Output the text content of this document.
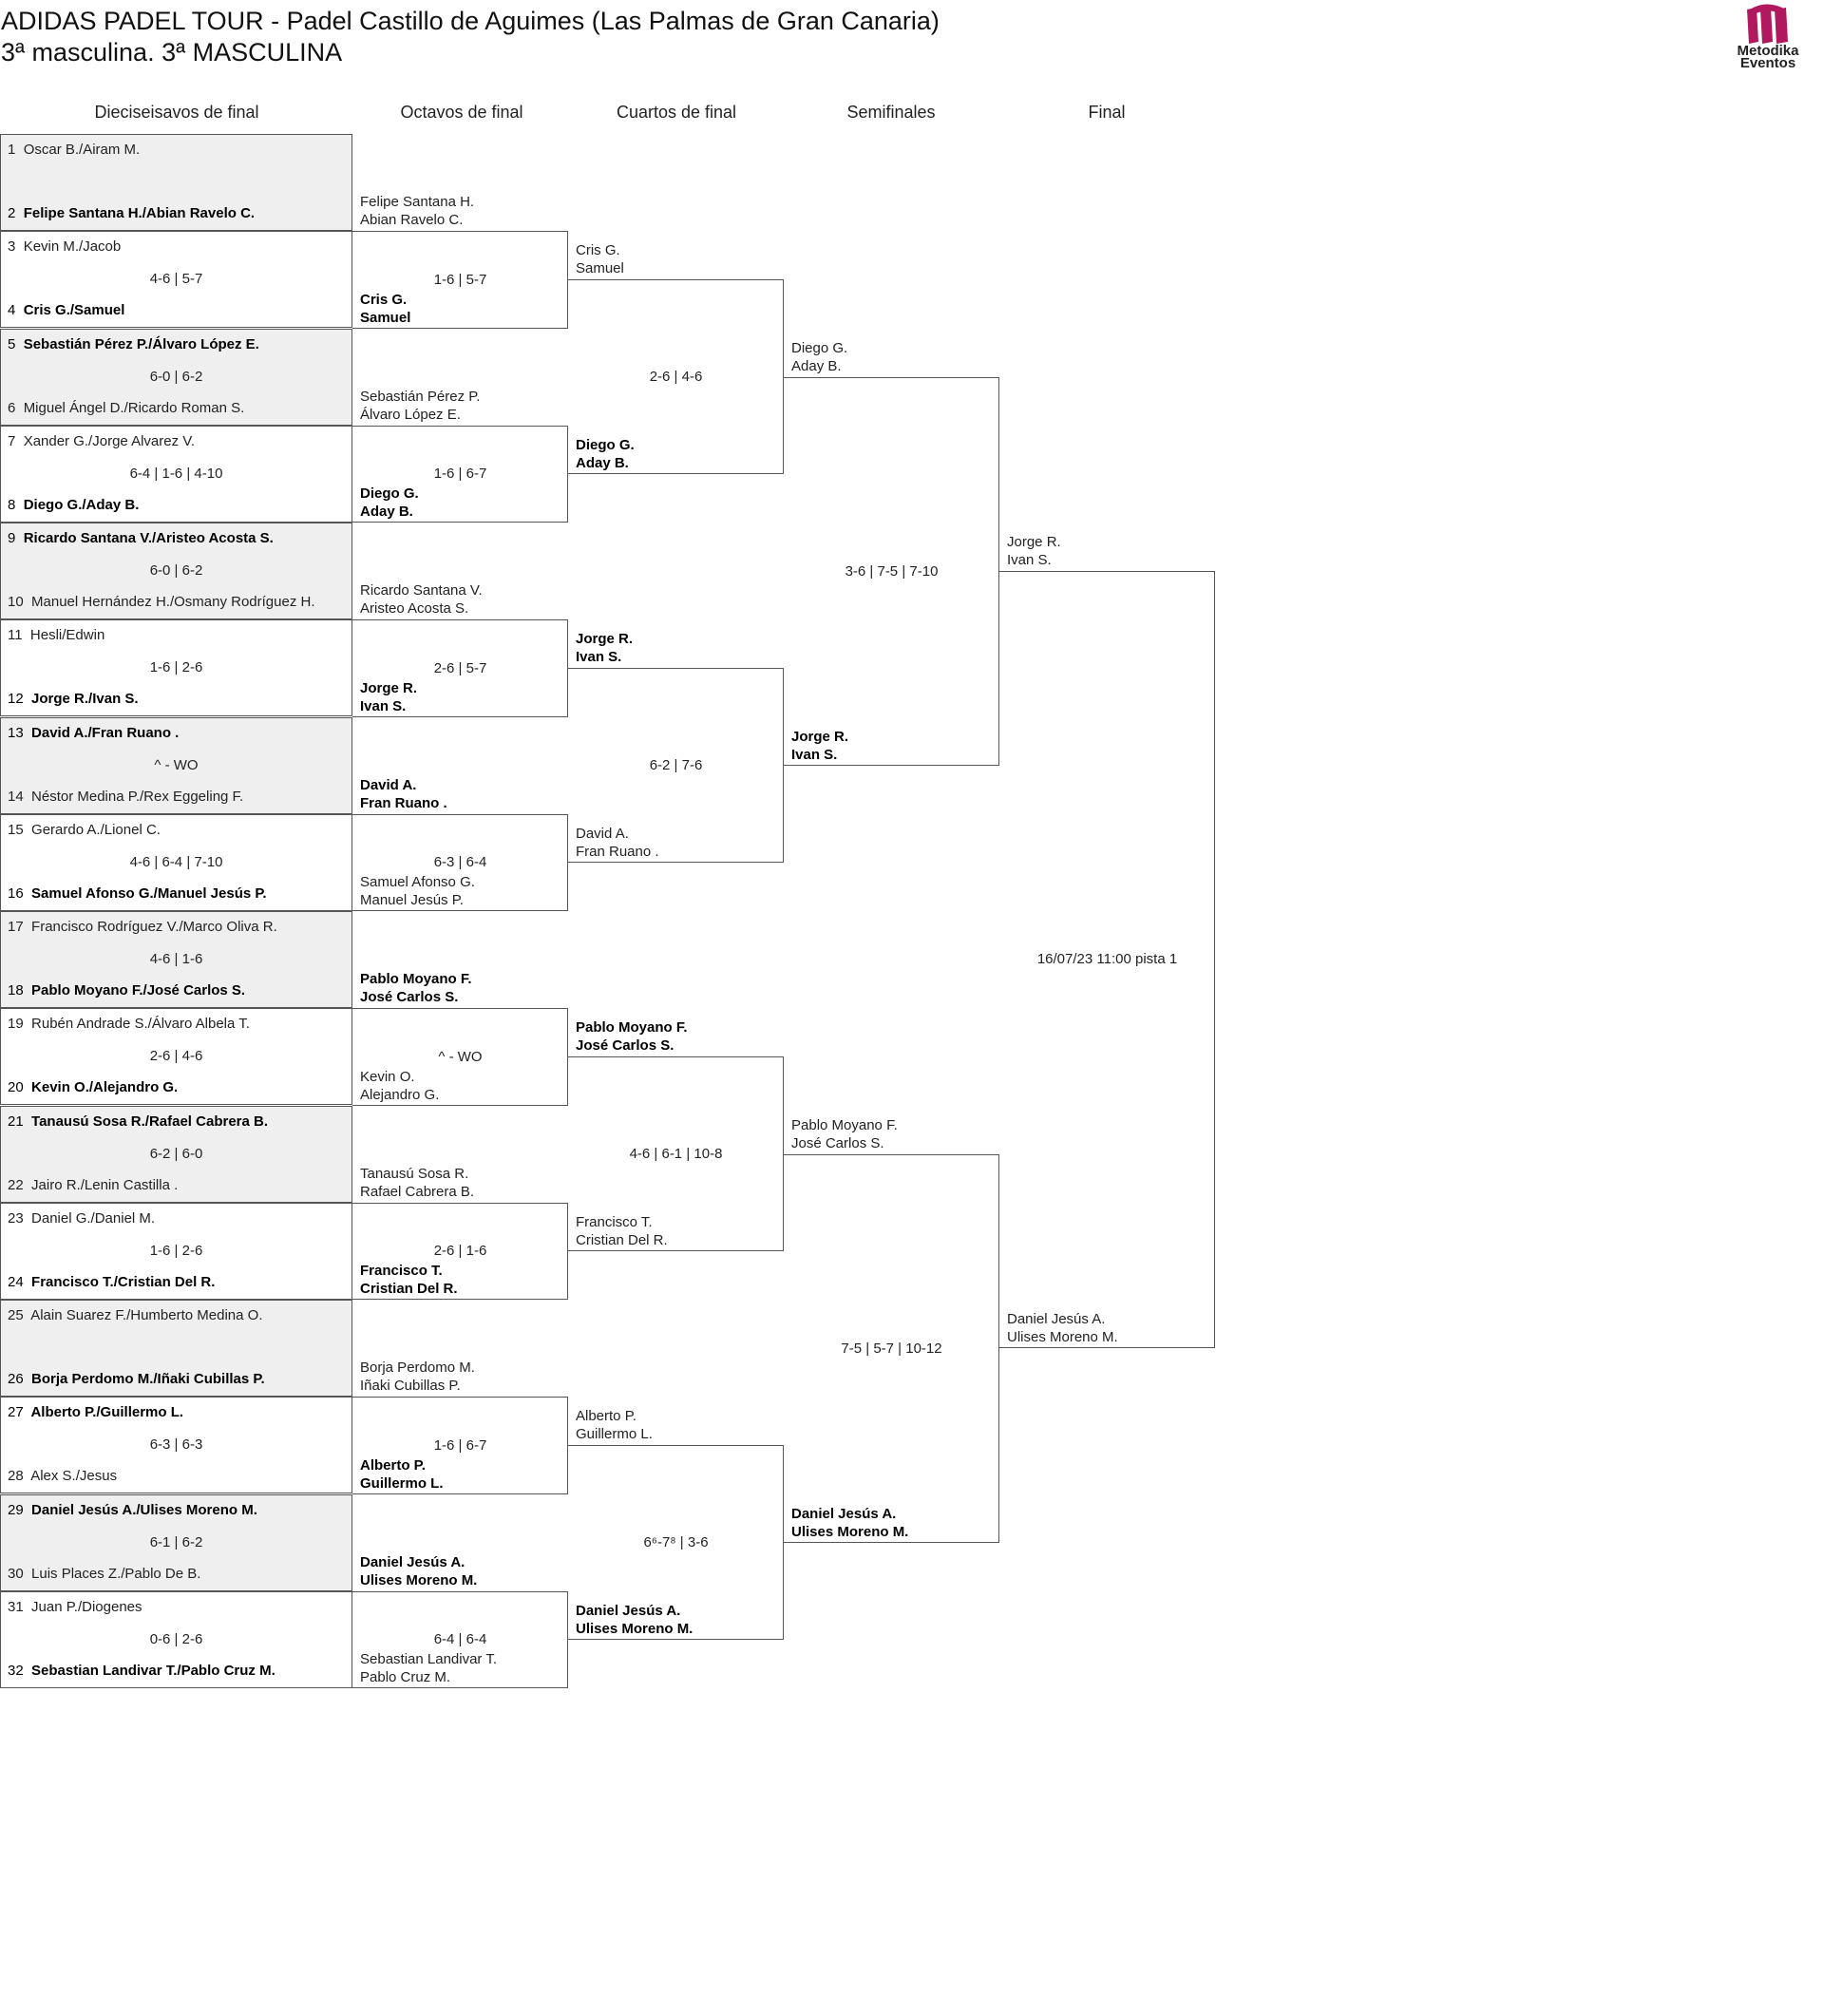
ADIDAS PADEL TOUR - Padel Castillo de Aguimes (Las Palmas de Gran Canaria)
3ª masculina. 3ª MASCULINA	Metodika
Eventos
Dieciseisavos de final	Octavos de final	Cuartos de final	Semifinales	Final
1 Oscar B./Airam M.
2 Felipe Santana H./Abian Ravelo C.
3 Kevin M./Jacob
4-6 | 5-7
4 Cris G./Samuel
5 Sebastián Pérez P./Álvaro López E.
6-0 | 6-2
6 Miguel Ángel D./Ricardo Roman S.
7 Xander G./Jorge Alvarez V.
6-4 | 1-6 | 4-10
8 Diego G./Aday B.
9 Ricardo Santana V./Aristeo Acosta S.
6-0 | 6-2
10 Manuel Hernández H./Osmany Rodríguez H.
11 Hesli/Edwin
1-6 | 2-6
12 Jorge R./Ivan S.
13 David A./Fran Ruano .
^ - WO
14 Néstor Medina P./Rex Eggeling F.
15 Gerardo A./Lionel C.
4-6 | 6-4 | 7-10
16 Samuel Afonso G./Manuel Jesús P.
17 Francisco Rodríguez V./Marco Oliva R.
4-6 | 1-6
18 Pablo Moyano F./José Carlos S.
19 Rubén Andrade S./Álvaro Albela T.
2-6 | 4-6
20 Kevin O./Alejandro G.
21 Tanausú Sosa R./Rafael Cabrera B.
6-2 | 6-0
22 Jairo R./Lenin Castilla .
23 Daniel G./Daniel M.
1-6 | 2-6
24 Francisco T./Cristian Del R.
25 Alain Suarez F./Humberto Medina O.
26 Borja Perdomo M./Iñaki Cubillas P.
27 Alberto P./Guillermo L.
6-3 | 6-3
28 Alex S./Jesus
29 Daniel Jesús A./Ulises Moreno M.
6-1 | 6-2
30 Luis Places Z./Pablo De B.
31 Juan P./Diogenes
0-6 | 2-6
32 Sebastian Landivar T./Pablo Cruz M.
Felipe Santana H.
Abian Ravelo C.
Cris G.
Samuel
1-6 | 5-7
Sebastián Pérez P.
Álvaro López E.
Diego G.
Aday B.
1-6 | 6-7
Ricardo Santana V.
Aristeo Acosta S.
Jorge R.
Ivan S.
2-6 | 5-7
David A.
Fran Ruano .
Samuel Afonso G.
Manuel Jesús P.
6-3 | 6-4
Pablo Moyano F.
José Carlos S.
Kevin O.
Alejandro G.
^ - WO
Tanausú Sosa R.
Rafael Cabrera B.
Francisco T.
Cristian Del R.
2-6 | 1-6
Borja Perdomo M.
Iñaki Cubillas P.
Alberto P.
Guillermo L.
1-6 | 6-7
Daniel Jesús A.
Ulises Moreno M.
Sebastian Landivar T.
Pablo Cruz M.
6-4 | 6-4
Cris G.
Samuel
Diego G.
Aday B.
2-6 | 4-6
Jorge R.
Ivan S.
David A.
Fran Ruano .
6-2 | 7-6
Pablo Moyano F.
José Carlos S.
Francisco T.
Cristian Del R.
4-6 | 6-1 | 10-8
Alberto P.
Guillermo L.
Daniel Jesús A.
Ulises Moreno M.
6⁶-7⁸ | 3-6
Diego G.
Aday B.
Jorge R.
Ivan S.
3-6 | 7-5 | 7-10
Pablo Moyano F.
José Carlos S.
Daniel Jesús A.
Ulises Moreno M.
7-5 | 5-7 | 10-12
Jorge R.
Ivan S.
Daniel Jesús A.
Ulises Moreno M.
16/07/23 11:00 pista 1
